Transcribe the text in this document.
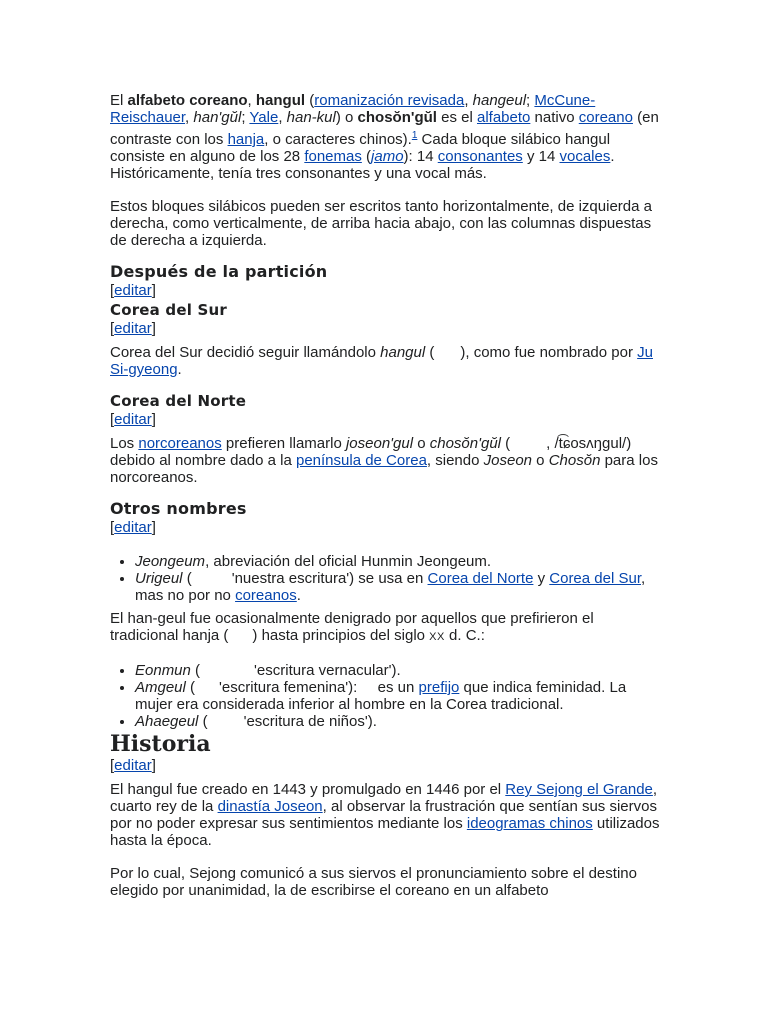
El alfabeto coreano, hangul (romanización revisada, hangeul; McCune-Reischauer, han'gŭl; Yale, han-kul) o chosŏn'gŭl es el alfabeto nativo coreano (en contraste con los hanja, o caracteres chinos).$^1$ Cada bloque silábico hangul consiste en alguno de los 28 fonemas (jamo): 14 consonantes y 14 vocales. Históricamente, tenía tres consonantes y una vocal más.

Estos bloques silábicos pueden ser escritos tanto horizontalmente, de izquierda a derecha, como verticalmente, de arriba hacia abajo, con las columnas dispuestas de derecha a izquierda.

Después de la partición
[editar]
Corea del Sur
[editar]

Corea del Sur decidió seguir llamándolo hangul ( ), como fue nombrado por Ju Si-gyeong.

Corea del Norte
[editar]

Los norcoreanos prefieren llamarlo joseon'gul o chosŏn'gŭl ( , /t͡ɕosʌŋɡul/) debido al nombre dado a la península de Corea, siendo Joseon o Chosŏn para los norcoreanos.

Otros nombres
[editar]
• Jeongeum, abreviación del oficial Hunmin Jeongeum.
• Urigeul (	'nuestra escritura') se usa en Corea del Norte y Corea del Sur, mas no por no coreanos.

El han-geul fue ocasionalmente denigrado por aquellos que prefirieron el tradicional hanja ( ) hasta principios del siglo XX d. C.:

• Eonmun (	'escritura vernacular').
• Amgeul ( 'escritura femenina'):  es un prefijo que indica feminidad. La mujer era considerada inferior al hombre en la Corea tradicional.
• Ahaegeul ( 'escritura de niños').
Historia
[editar]

El hangul fue creado en 1443 y promulgado en 1446 por el Rey Sejong el Grande, cuarto rey de la dinastía Joseon, al observar la frustración que sentían sus siervos por no poder expresar sus sentimientos mediante los ideogramas chinos utilizados hasta la época.

Por lo cual, Sejong comunicó a sus siervos el pronunciamiento sobre el destino elegido por unanimidad, la de escribirse el coreano en un alfabeto
